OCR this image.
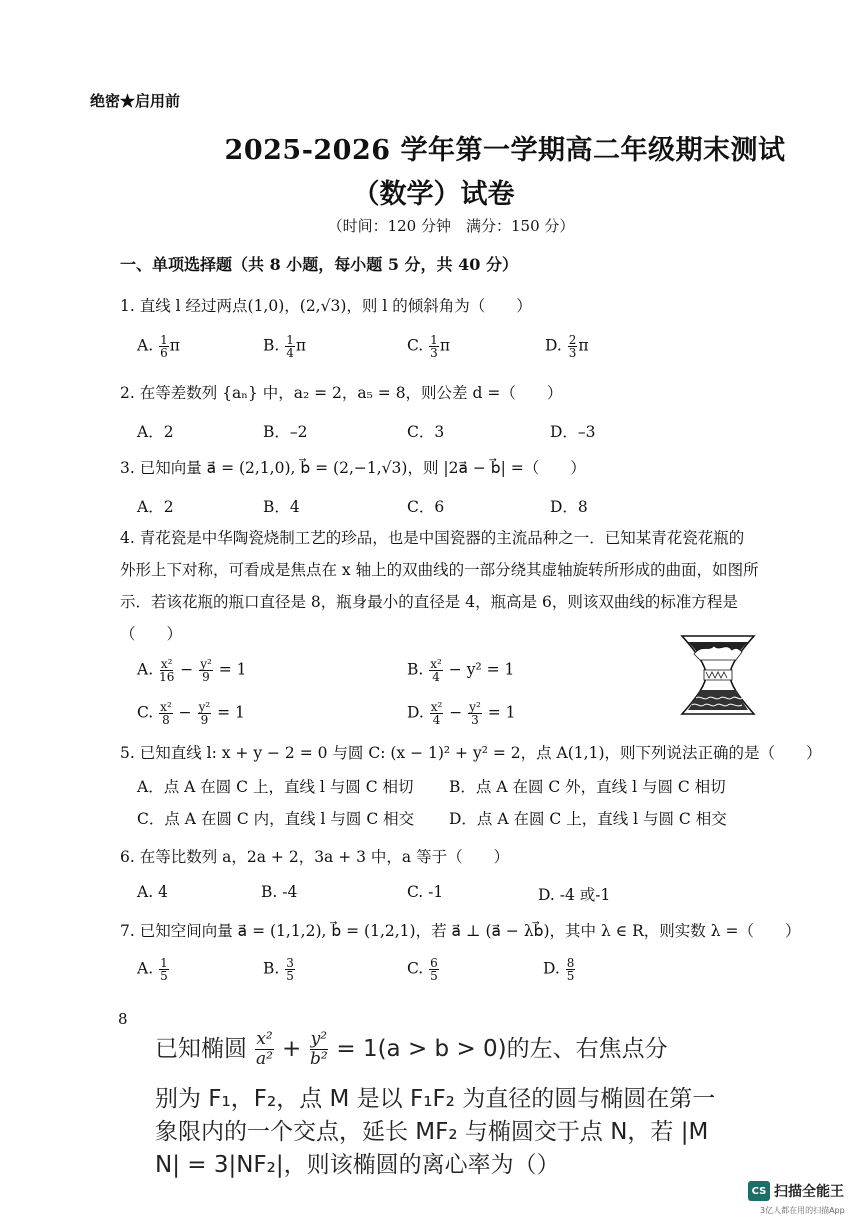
绝密★启用前
2025-2026 学年第一学期高二年级期末测试
（数学）试卷
（时间：120 分钟　满分：150 分）
一、单项选择题（共 8 小题，每小题 5 分，共 40 分）
1. 直线 l 经过两点(1,0)，(2,√3)，则 l 的倾斜角为（　　）
A. $\frac{1}{6}$ π	B. $\frac{1}{4}$ π	C. $\frac{1}{3}$ π	D. $\frac{2}{3}$ π
2. 在等差数列 {aₙ} 中，a₂ = 2，a₅ = 8，则公差 d =（　　）
A．2	B．–2	C．3	D．–3
3. 已知向量 a⃗ = (2,1,0), b⃗ = (2,−1,√3)，则 |2a⃗ − b⃗| =（　　）
A．2	B．4	C．6	D．8
4. 青花瓷是中华陶瓷烧制工艺的珍品，也是中国瓷器的主流品种之一．已知某青花瓷花瓶的
外形上下对称，可看成是焦点在 x 轴上的双曲线的一部分绕其虚轴旋转所形成的曲面，如图所
示．若该花瓶的瓶口直径是 8，瓶身最小的直径是 4，瓶高是 6，则该双曲线的标准方程是
（　　）
A. $\frac{\text{x²}}{16} - \frac{\text{y²}}{9} = 1$	B. $\frac{\text{x²}}{4} - y^2 = 1$
C. $\frac{\text{x²}}{8} - \frac{\text{y²}}{9} = 1$	D. $\frac{\text{x²}}{4} - \frac{\text{y²}}{3} = 1$
5. 已知直线 l: x + y − 2 = 0 与圆 C: (x − 1)² + y² = 2，点 A(1,1)，则下列说法正确的是（　　）
A．点 A 在圆 C 上，直线 l 与圆 C 相切 B．点 A 在圆 C 外，直线 l 与圆 C 相切
C．点 A 在圆 C 内，直线 l 与圆 C 相交 D．点 A 在圆 C 上，直线 l 与圆 C 相交
6. 在等比数列 a，2a + 2，3a + 3 中，a 等于（　　）
A. 4	B. -4	C. -1	D. -4 或-1
7. 已知空间向量 a⃗ = (1,1,2), b⃗ = (1,2,1)，若 a⃗ ⊥ (a⃗ − λb⃗)，其中 λ ∈ R，则实数 λ =（　　）
A. $\frac{1}{5}$	B. $\frac{3}{5}$	C. $\frac{6}{5}$	D. $\frac{8}{5}$
8
已知椭圆 $\frac{\text{x²}}{\text{a²}} + \frac{\text{y²}}{\text{b²}} = 1(a > b > 0)$的左、右焦点分
别为 F₁，F₂，点 M 是以 F₁F₂ 为直径的圆与椭圆在第一
象限内的一个交点，延长 MF₂ 与椭圆交于点 N，若 |M
N| = 3|NF₂|，则该椭圆的离心率为（）
CS 扫描全能王
3亿人都在用的扫描App
